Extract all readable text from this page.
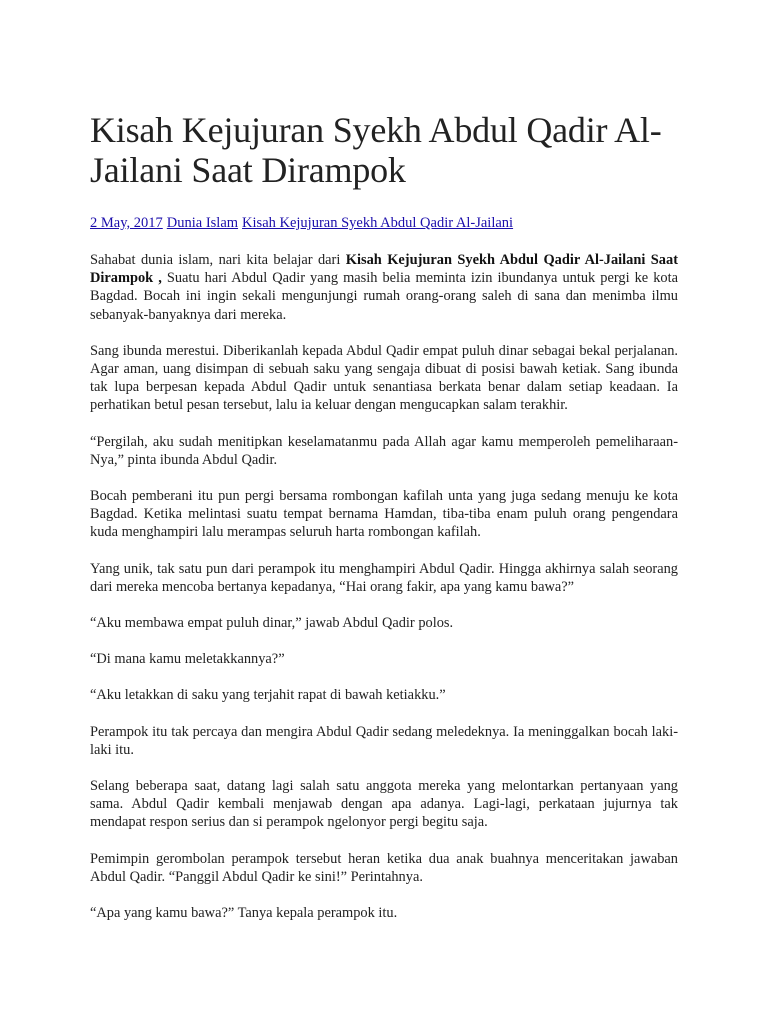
Kisah Kejujuran Syekh Abdul Qadir Al-
Jailani Saat Dirampok
2 May, 2017 Dunia Islam Kisah Kejujuran Syekh Abdul Qadir Al-Jailani

Sahabat dunia islam, nari kita belajar dari Kisah Kejujuran Syekh Abdul Qadir Al-Jailani Saat Dirampok , Suatu hari Abdul Qadir yang masih belia meminta izin ibundanya untuk pergi ke kota Bagdad. Bocah ini ingin sekali mengunjungi rumah orang-orang saleh di sana dan menimba ilmu sebanyak-banyaknya dari mereka.

Sang ibunda merestui. Diberikanlah kepada Abdul Qadir empat puluh dinar sebagai bekal perjalanan. Agar aman, uang disimpan di sebuah saku yang sengaja dibuat di posisi bawah ketiak. Sang ibunda tak lupa berpesan kepada Abdul Qadir untuk senantiasa berkata benar dalam setiap keadaan. Ia perhatikan betul pesan tersebut, lalu ia keluar dengan mengucapkan salam terakhir.

“Pergilah, aku sudah menitipkan keselamatanmu pada Allah agar kamu memperoleh pemeliharaan-Nya,” pinta ibunda Abdul Qadir.

Bocah pemberani itu pun pergi bersama rombongan kafilah unta yang juga sedang menuju ke kota Bagdad. Ketika melintasi suatu tempat bernama Hamdan, tiba-tiba enam puluh orang pengendara kuda menghampiri lalu merampas seluruh harta rombongan kafilah.

Yang unik, tak satu pun dari perampok itu menghampiri Abdul Qadir. Hingga akhirnya salah seorang dari mereka mencoba bertanya kepadanya, “Hai orang fakir, apa yang kamu bawa?”

“Aku membawa empat puluh dinar,” jawab Abdul Qadir polos.

“Di mana kamu meletakkannya?”

“Aku letakkan di saku yang terjahit rapat di bawah ketiakku.”

Perampok itu tak percaya dan mengira Abdul Qadir sedang meledeknya. Ia meninggalkan bocah laki-laki itu.

Selang beberapa saat, datang lagi salah satu anggota mereka yang melontarkan pertanyaan yang sama. Abdul Qadir kembali menjawab dengan apa adanya. Lagi-lagi, perkataan jujurnya tak mendapat respon serius dan si perampok ngelonyor pergi begitu saja.

Pemimpin gerombolan perampok tersebut heran ketika dua anak buahnya menceritakan jawaban Abdul Qadir. “Panggil Abdul Qadir ke sini!” Perintahnya.

“Apa yang kamu bawa?” Tanya kepala perampok itu.
